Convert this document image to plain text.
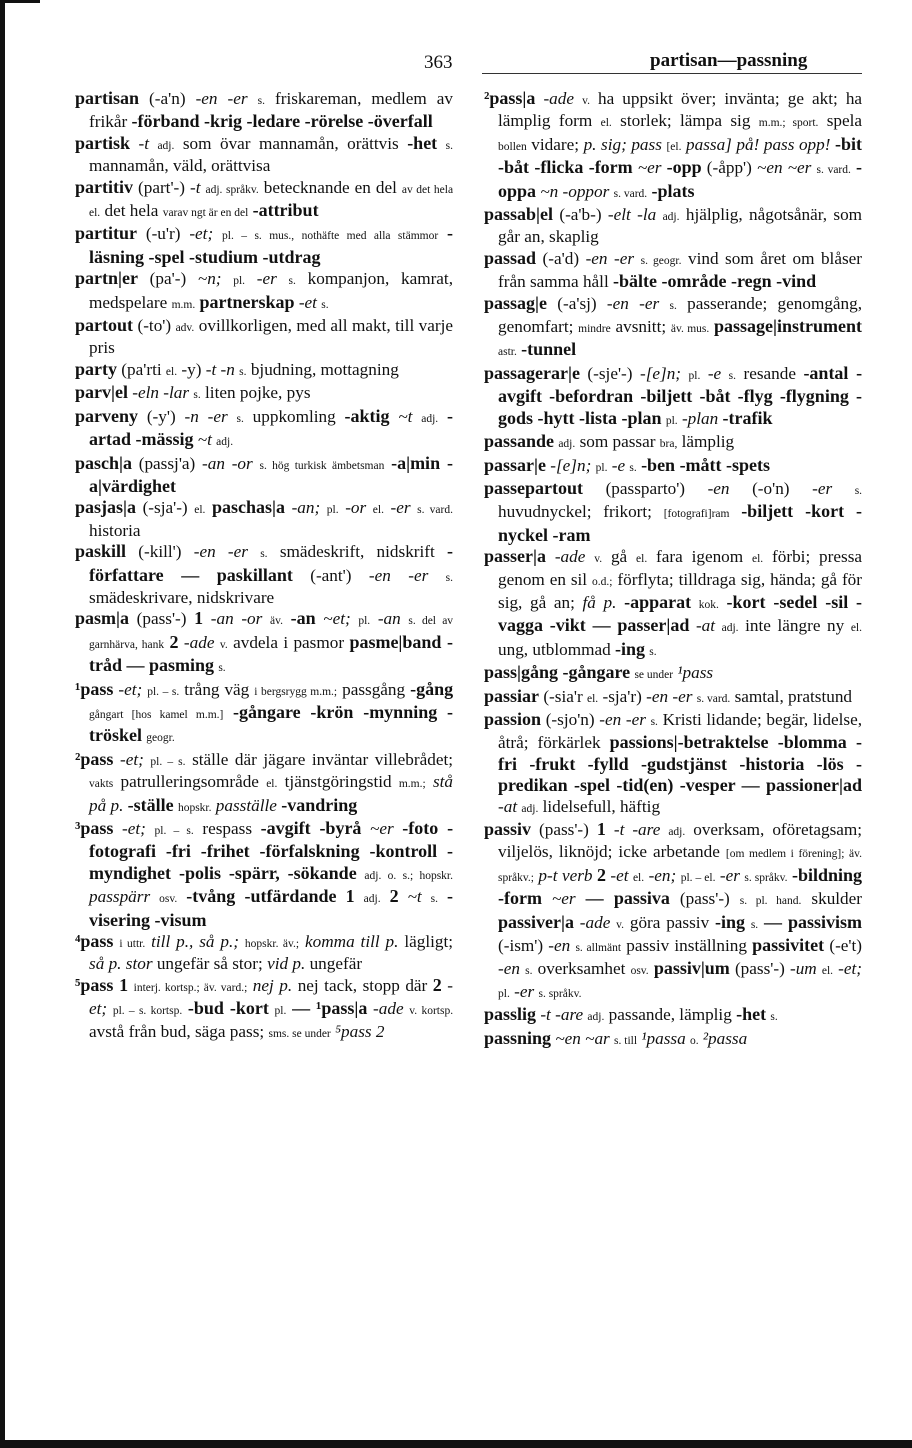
363	partisan—passning
partisan (-a'n) -en -er s. friskareman, medlem av frikår -förband -krig -ledare -rörelse -överfall
partisk -t adj. som övar mannamån, orättvis -het s. mannamån, väld, orättvisa
partitiv (part'-) -t adj. språkv. betecknande en del av det hela el. det hela varav ngt är en del -attribut
partitur (-u'r) -et; pl. – s. mus., nothäfte med alla stämmor -läsning -spel -studium -utdrag
partn|er (pa'-) ~n; pl. -er s. kompanjon, kamrat, medspelare m.m. partnerskap -et s.
partout (-to') adv. ovillkorligen, med all makt, till varje pris
party (pa'rti el. -y) -t -n s. bjudning, mottagning
parv|el -eln -lar s. liten pojke, pys
parveny (-y') -n -er s. uppkomling -aktig ~t adj. -artad -mässig ~t adj.
pasch|a (passj'a) -an -or s. hög turkisk ämbetsman -a|min -a|värdighet
pasjas|a (-sja'-) el. paschas|a -an; pl. -or el. -er s. vard. historia
paskill (-kill') -en -er s. smädeskrift, nidskrift -författare — paskillant (-ant') -en -er s. smädeskrivare, nidskrivare
pasm|a (pass'-) 1 -an -or äv. -an ~et; pl. -an s. del av garnhärva, hank 2 -ade v. avdela i pasmor pasme|band -tråd — pasming s.
¹pass -et; pl. – s. trång väg i bergsrygg m.m.; passgång -gång gångart [hos kamel m.m.] -gångare -krön -mynning -tröskel geogr.
²pass -et; pl. – s. ställe där jägare inväntar villebrådet; vakts patrulleringsområde el. tjänstgöringstid m.m.; stå på p. -ställe hopskr. pasställe -vandring
³pass -et; pl. – s. respass -avgift -byrå ~er -foto -fotografi -fri -frihet -förfalskning -kontroll -myndighet -polis -spärr, -sökande adj. o. s.; hopskr. passpärr osv. -tvång -utfärdande 1 adj. 2 ~t s. -visering -visum
⁴pass i uttr. till p., så p.; hopskr. äv.; komma till p. lägligt; så p. stor ungefär så stor; vid p. ungefär
⁵pass 1 interj. kortsp.; äv. vard.; nej p. nej tack, stopp där 2 -et; pl. – s. kortsp. -bud -kort pl. — ¹pass|a -ade v. kortsp. avstå från bud, säga pass; sms. se under ⁵pass 2
²pass|a -ade v. ha uppsikt över; invänta; ge akt; ha lämplig form el. storlek; lämpa sig m.m.; sport. spela bollen vidare; p. sig; pass [el. passa] på! pass opp! -bit -båt -flicka -form ~er -opp (-åpp') ~en ~er s. vard. -oppa ~n -oppor s. vard. -plats
passab|el (-a'b-) -elt -la adj. hjälplig, någotsånär, som går an, skaplig
passad (-a'd) -en -er s. geogr. vind som året om blåser från samma håll -bälte -område -regn -vind
passag|e (-a'sj) -en -er s. passerande; genomgång, genomfart; mindre avsnitt; äv. mus. passage|instrument astr. -tunnel
passagerar|e (-sje'-) -[e]n; pl. -e s. resande -antal -avgift -befordran -biljett -båt -flyg -flygning -gods -hytt -lista -plan pl. -plan -trafik
passande adj. som passar bra, lämplig
passar|e -[e]n; pl. -e s. -ben -mått -spets
passepartout (passparto') -en (-o'n) -er s. huvudnyckel; frikort; [fotografi]ram -biljett -kort -nyckel -ram
passer|a -ade v. gå el. fara igenom el. förbi; pressa genom en sil o.d.; förflyta; tilldraga sig, hända; gå för sig, gå an; få p. -apparat kok. -kort -sedel -sil -vagga -vikt — passer|ad -at adj. inte längre ny el. ung, utblommad -ing s.
pass|gång -gångare se under ¹pass
passiar (-sia'r el. -sja'r) -en -er s. vard. samtal, pratstund
passion (-sjo'n) -en -er s. Kristi lidande; begär, lidelse, åtrå; förkärlek passions|-betraktelse -blomma -fri -frukt -fylld -gudstjänst -historia -lös -predikan -spel -tid(en) -vesper — passioner|ad -at adj. lidelsefull, häftig
passiv (pass'-) 1 -t -are adj. overksam, oföretagsam; viljelös, liknöjd; icke arbetande [om medlem i förening]; äv. språkv.; p-t verb 2 -et el. -en; pl. – el. -er s. språkv. -bildning -form ~er — passiva (pass'-) s. pl. hand. skulder passiver|a -ade v. göra passiv -ing s. — passivism (-ism') -en s. allmänt passiv inställning passivitet (-e't) -en s. overksamhet osv. passiv|um (pass'-) -um el. -et; pl. -er s. språkv.
passlig -t -are adj. passande, lämplig -het s.
passning ~en ~ar s. till ¹passa o. ²passa
